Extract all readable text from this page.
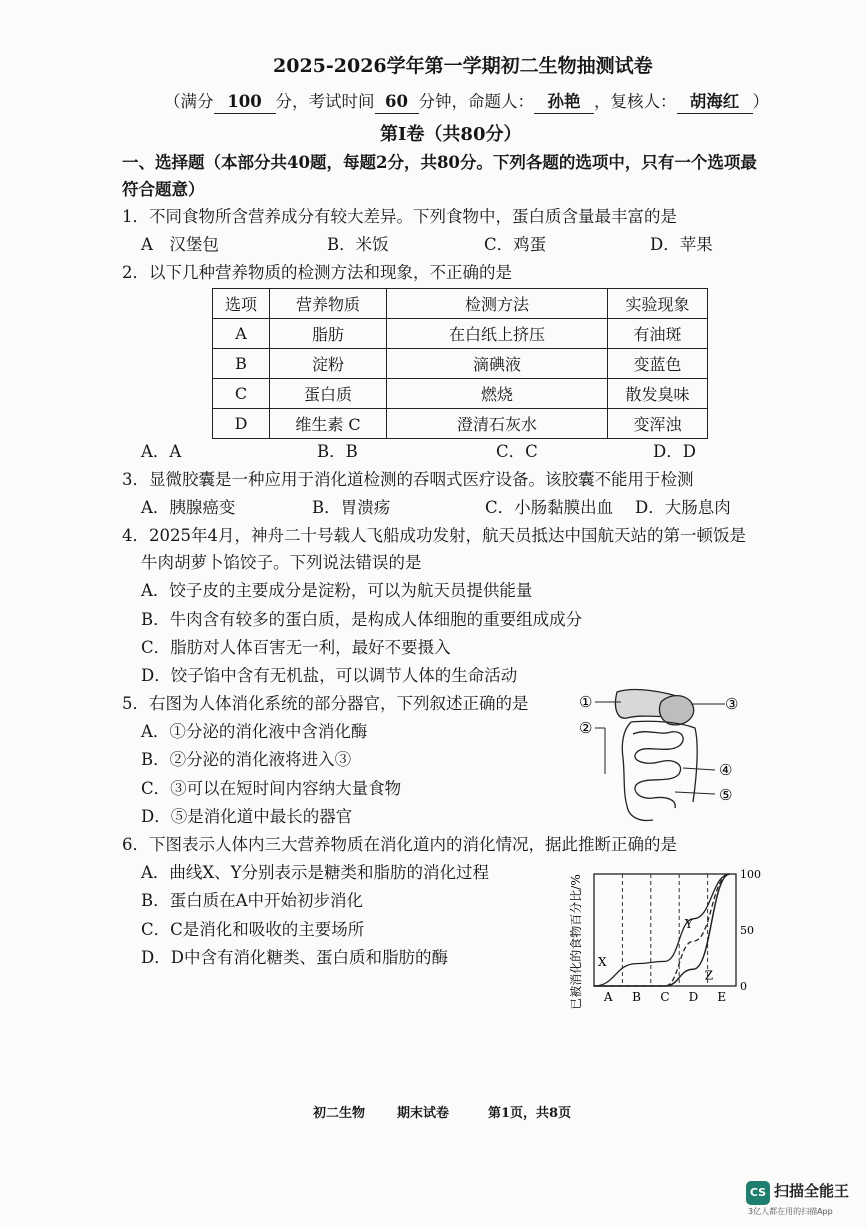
2025-2026学年第一学期初二生物抽测试卷
（满分 100 分，考试时间 60 分钟，命题人： 孙艳 ，复核人： 胡海红 ）
第Ⅰ卷（共80分）
一、选择题（本部分共40题，每题2分，共80分。下列各题的选项中，只有一个选项最
符合题意）
1．不同食物所含营养成分有较大差异。下列食物中，蛋白质含量最丰富的是
A　汉堡包	B．米饭	C．鸡蛋	D．苹果
2．以下几种营养物质的检测方法和现象，不正确的是
选项	营养物质	检测方法	实验现象
A	脂肪	在白纸上挤压	有油斑
B	淀粉	滴碘液	变蓝色
C	蛋白质	燃烧	散发臭味
D	维生素 C	澄清石灰水	变浑浊
A．A	B．B	C．C	D．D
3．显微胶囊是一种应用于消化道检测的吞咽式医疗设备。该胶囊不能用于检测
A．胰腺癌变	B．胃溃疡	C．小肠黏膜出血 D．大肠息肉
4．2025年4月，神舟二十号载人飞船成功发射，航天员抵达中国航天站的第一顿饭是
牛肉胡萝卜馅饺子。下列说法错误的是
A．饺子皮的主要成分是淀粉，可以为航天员提供能量
B．牛肉含有较多的蛋白质，是构成人体细胞的重要组成成分
C．脂肪对人体百害无一利，最好不要摄入
D．饺子馅中含有无机盐，可以调节人体的生命活动
5．右图为人体消化系统的部分器官，下列叙述正确的是
A．①分泌的消化液中含消化酶
B．②分泌的消化液将进入③
C．③可以在短时间内容纳大量食物
D．⑤是消化道中最长的器官
①
②
③
④
⑤
6．下图表示人体内三大营养物质在消化道内的消化情况，据此推断正确的是
A．曲线X、Y分别表示是糖类和脂肪的消化过程
B．蛋白质在A中开始初步消化
C．C是消化和吸收的主要场所
D．D中含有消化糖类、蛋白质和脂肪的酶	已被消化的食物百分比/% A B C D E
0
50
100
X
Y
Z
初二生物 期末试卷	第1页，共8页
CS 扫描全能王
3亿人都在用的扫描App
